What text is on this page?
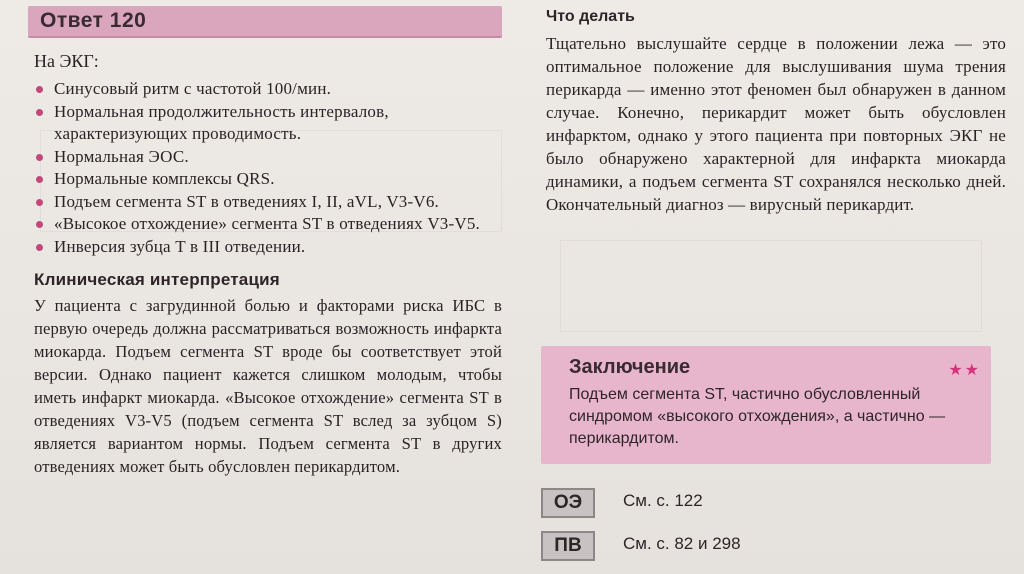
Ответ 120
На ЭКГ:
Синусовый ритм с частотой 100/мин.
Нормальная продолжительность интервалов, характеризующих проводимость.
Нормальная ЭОС.
Нормальные комплексы QRS.
Подъем сегмента ST в отведениях I, II, aVL, V3-V6.
«Высокое отхождение» сегмента ST в отведениях V3-V5.
Инверсия зубца T в III отведении.
Клиническая интерпретация
У пациента с загрудинной болью и факторами риска ИБС в первую очередь должна рассматриваться возможность инфаркта миокарда. Подъем сегмента ST вроде бы соответствует этой версии. Однако пациент кажется слишком молодым, чтобы иметь инфаркт миокарда. «Высокое отхождение» сегмента ST в отведениях V3-V5 (подъем сегмента ST вслед за зубцом S) является вариантом нормы. Подъем сегмента ST в других отведениях может быть обусловлен перикардитом.
Что делать
Тщательно выслушайте сердце в положении лежа — это оптимальное положение для выслушивания шума трения перикарда — именно этот феномен был обнаружен в данном случае. Конечно, перикардит может быть обусловлен инфарктом, однако у этого пациента при повторных ЭКГ не было обнаружено характерной для инфаркта миокарда динамики, а подъем сегмента ST сохранялся несколько дней. Окончательный диагноз — вирусный перикардит.
Заключение	★★
Подъем сегмента ST, частично обусловленный синдромом «высокого отхождения», а частично — перикардитом.
ОЭ	См. с. 122
ПВ	См. с. 82 и 298
